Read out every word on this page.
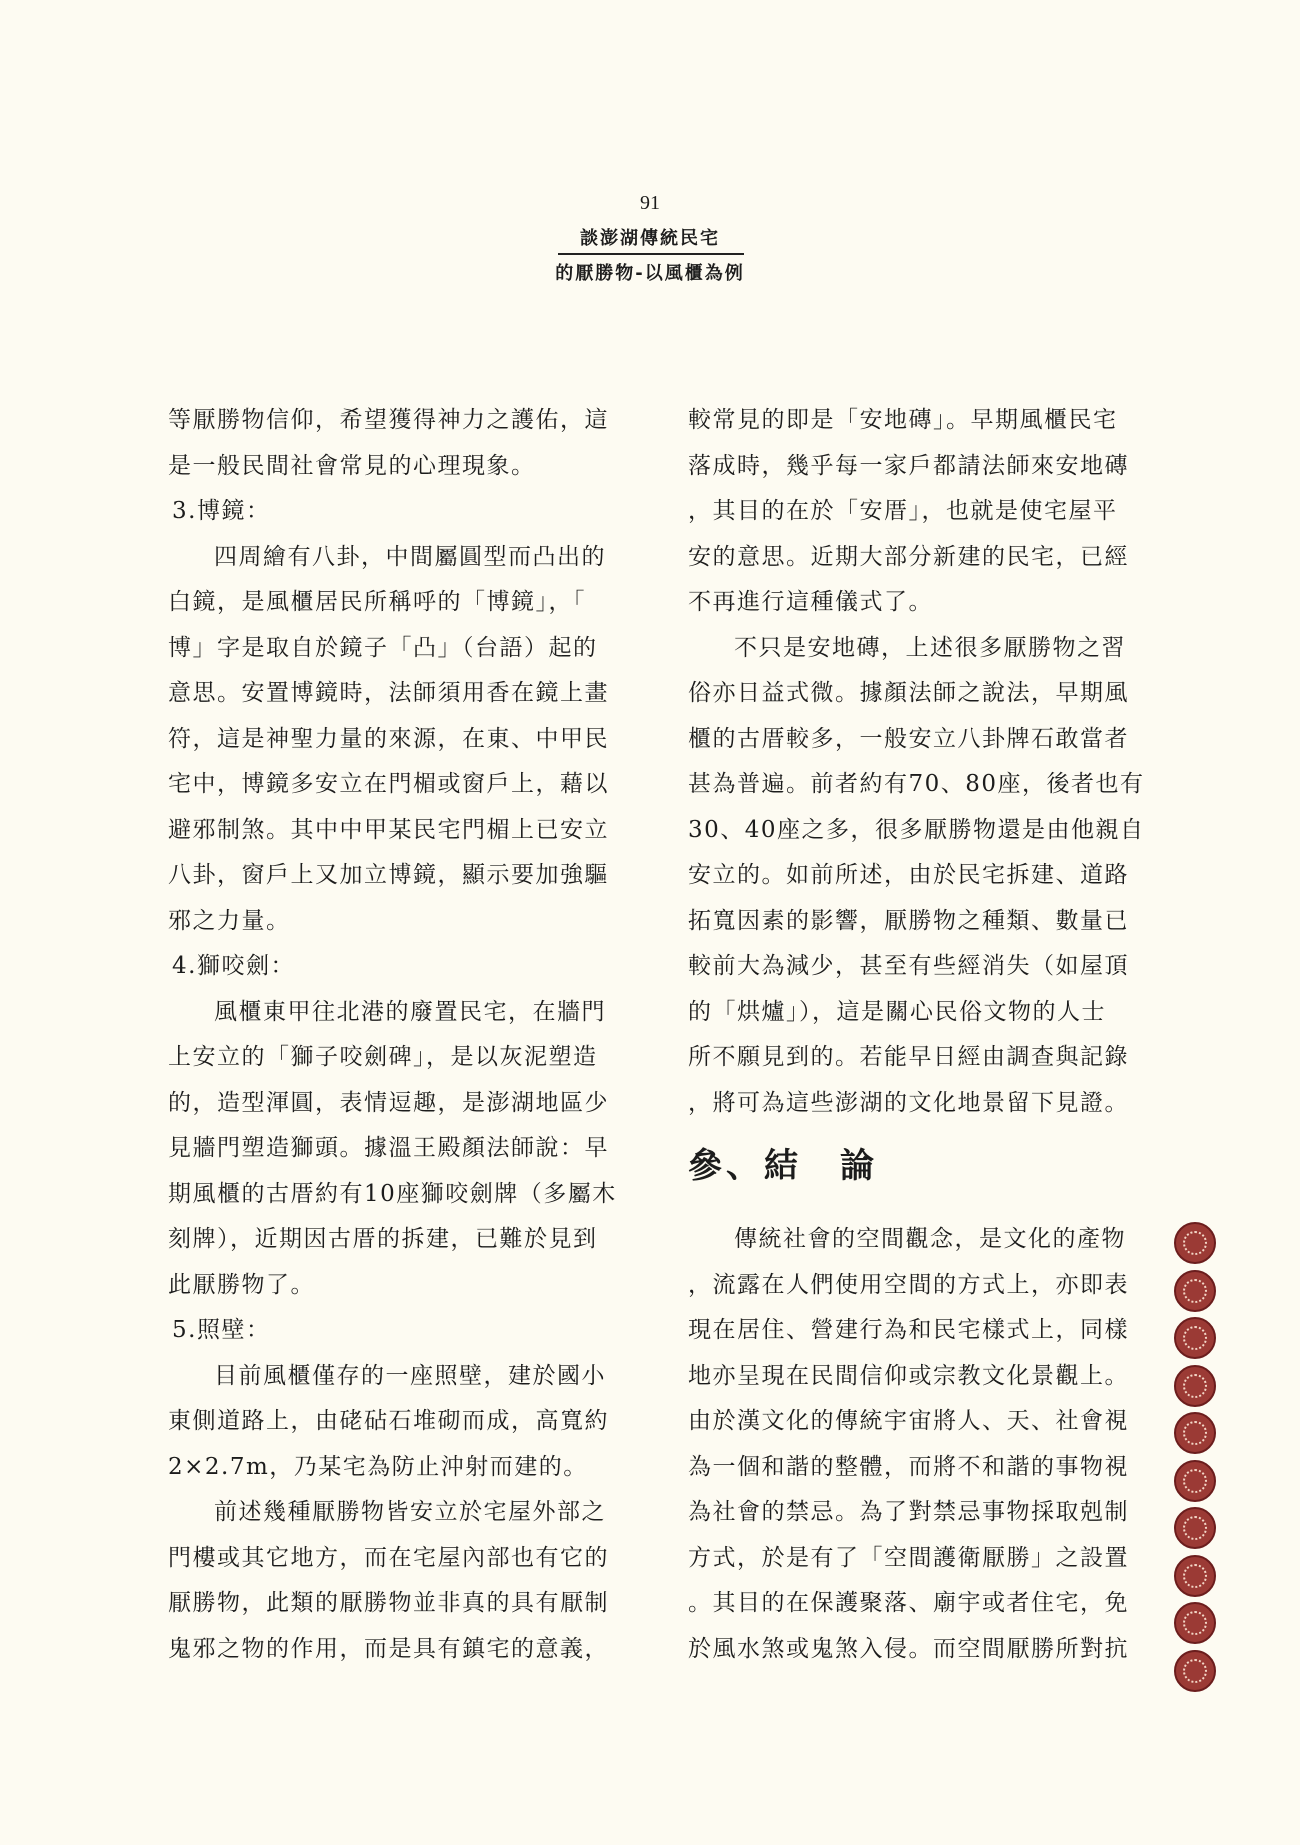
91
談澎湖傳統民宅
的厭勝物-以風櫃為例
等厭勝物信仰，希望獲得神力之護佑，這
是一般民間社會常見的心理現象。
3.博鏡：
四周繪有八卦，中間屬圓型而凸出的
白鏡，是風櫃居民所稱呼的「博鏡」，「
博」字是取自於鏡子「凸」（台語）起的
意思。安置博鏡時，法師須用香在鏡上畫
符，這是神聖力量的來源，在東、中甲民
宅中，博鏡多安立在門楣或窗戶上，藉以
避邪制煞。其中中甲某民宅門楣上已安立
八卦，窗戶上又加立博鏡，顯示要加強驅
邪之力量。
4.獅咬劍：
風櫃東甲往北港的廢置民宅，在牆門
上安立的「獅子咬劍碑」，是以灰泥塑造
的，造型渾圓，表情逗趣，是澎湖地區少
見牆門塑造獅頭。據溫王殿顏法師說：早
期風櫃的古厝約有10座獅咬劍牌（多屬木
刻牌），近期因古厝的拆建，已難於見到
此厭勝物了。
5.照壁：
目前風櫃僅存的一座照壁，建於國小
東側道路上，由硓砧石堆砌而成，高寬約
2×2.7m，乃某宅為防止沖射而建的。
前述幾種厭勝物皆安立於宅屋外部之
門樓或其它地方，而在宅屋內部也有它的
厭勝物，此類的厭勝物並非真的具有厭制
鬼邪之物的作用，而是具有鎮宅的意義，
較常見的即是「安地磚」。早期風櫃民宅
落成時，幾乎每一家戶都請法師來安地磚
，其目的在於「安厝」，也就是使宅屋平
安的意思。近期大部分新建的民宅，已經
不再進行這種儀式了。
不只是安地磚，上述很多厭勝物之習
俗亦日益式微。據顏法師之說法，早期風
櫃的古厝較多，一般安立八卦牌石敢當者
甚為普遍。前者約有70、80座，後者也有
30、40座之多，很多厭勝物還是由他親自
安立的。如前所述，由於民宅拆建、道路
拓寬因素的影響，厭勝物之種類、數量已
較前大為減少，甚至有些經消失（如屋頂
的「烘爐」），這是關心民俗文物的人士
所不願見到的。若能早日經由調查與記錄
，將可為這些澎湖的文化地景留下見證。
參、結　論
傳統社會的空間觀念，是文化的產物
，流露在人們使用空間的方式上，亦即表
現在居住、營建行為和民宅樣式上，同樣
地亦呈現在民間信仰或宗教文化景觀上。
由於漢文化的傳統宇宙將人、天、社會視
為一個和諧的整體，而將不和諧的事物視
為社會的禁忌。為了對禁忌事物採取剋制
方式，於是有了「空間護衛厭勝」之設置
。其目的在保護聚落、廟宇或者住宅，免
於風水煞或鬼煞入侵。而空間厭勝所對抗
